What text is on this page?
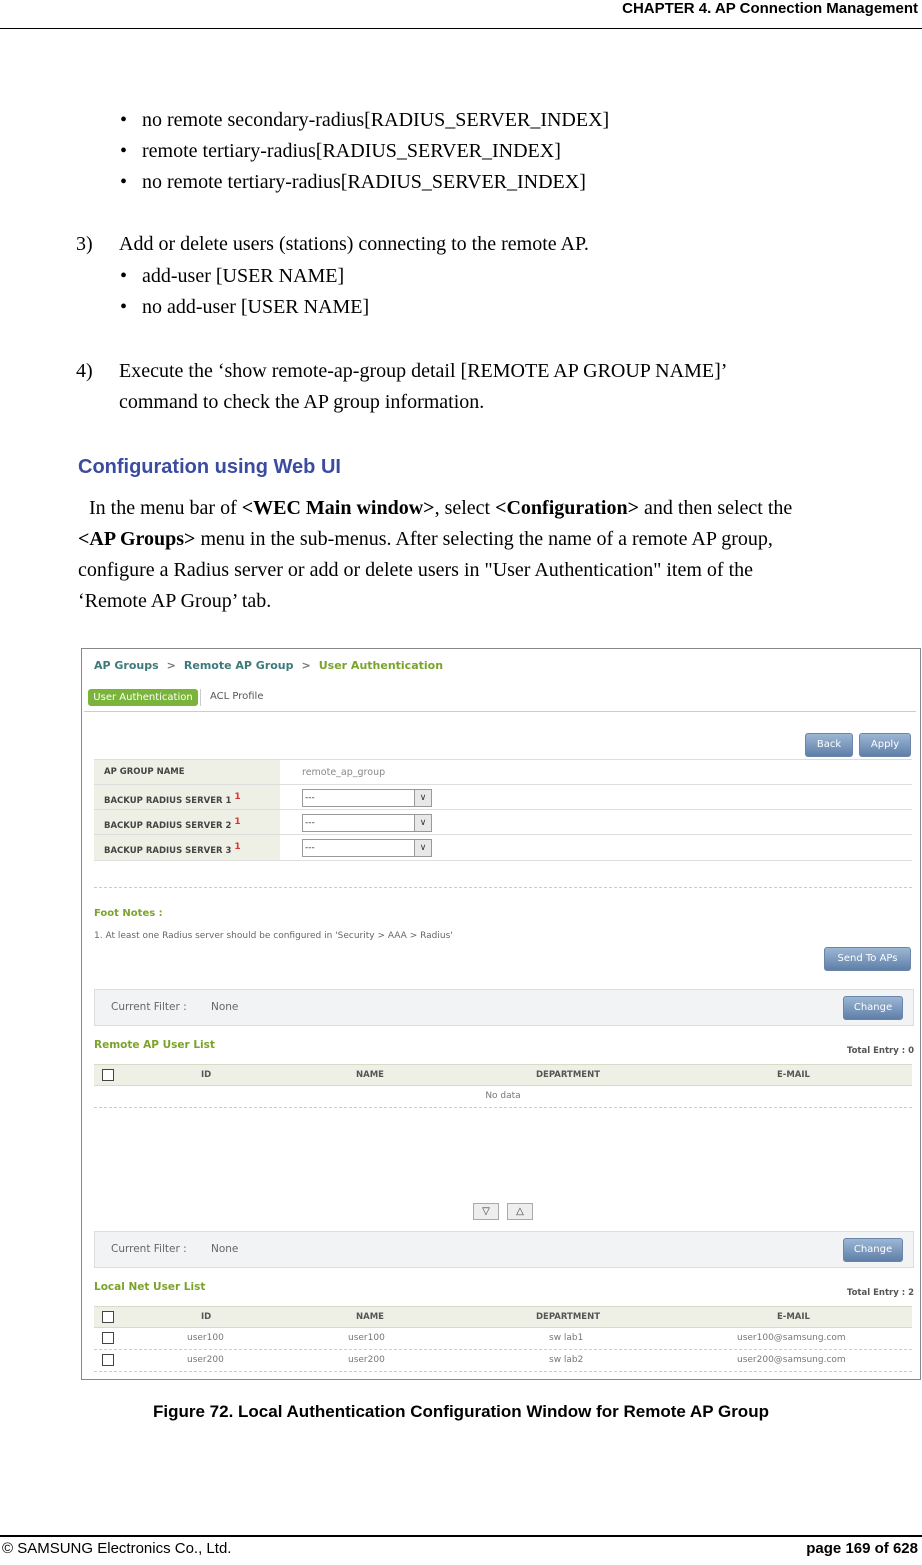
CHAPTER 4. AP Connection Management
• no remote secondary-radius[RADIUS_SERVER_INDEX]
• remote tertiary-radius[RADIUS_SERVER_INDEX]
• no remote tertiary-radius[RADIUS_SERVER_INDEX]
3) Add or delete users (stations) connecting to the remote AP.
• add-user [USER NAME]
• no add-user [USER NAME]
4) Execute the ‘show remote-ap-group detail [REMOTE AP GROUP NAME]’
command to check the AP group information.
Configuration using Web UI
In the menu bar of <WEC Main window>, select <Configuration> and then select the
<AP Groups> menu in the sub-menus. After selecting the name of a remote AP group,
configure a Radius server or add or delete users in "User Authentication" item of the
‘Remote AP Group’ tab.
AP Groups > Remote AP Group > User Authentication
User Authentication	ACL Profile
Back	Apply
AP GROUP NAME	remote_ap_group
BACKUP RADIUS SERVER 1 $^1$	---	∨
BACKUP RADIUS SERVER 2 $^1$	---	∨
BACKUP RADIUS SERVER 3 $^1$	---	∨
Foot Notes :
1. At least one Radius server should be configured in 'Security > AAA > Radius'
Send To APs
Current Filter : None	Change
Remote AP User List	Total Entry : 0
ID	NAME	DEPARTMENT	E-MAIL
No data
▽	△
Current Filter : None	Change
Local Net User List	Total Entry : 2
ID	NAME	DEPARTMENT	E-MAIL
user100	user100	sw lab1	user100@samsung.com
user200	user200	sw lab2	user200@samsung.com
Figure 72. Local Authentication Configuration Window for Remote AP Group
© SAMSUNG Electronics Co., Ltd.	page 169 of 628
